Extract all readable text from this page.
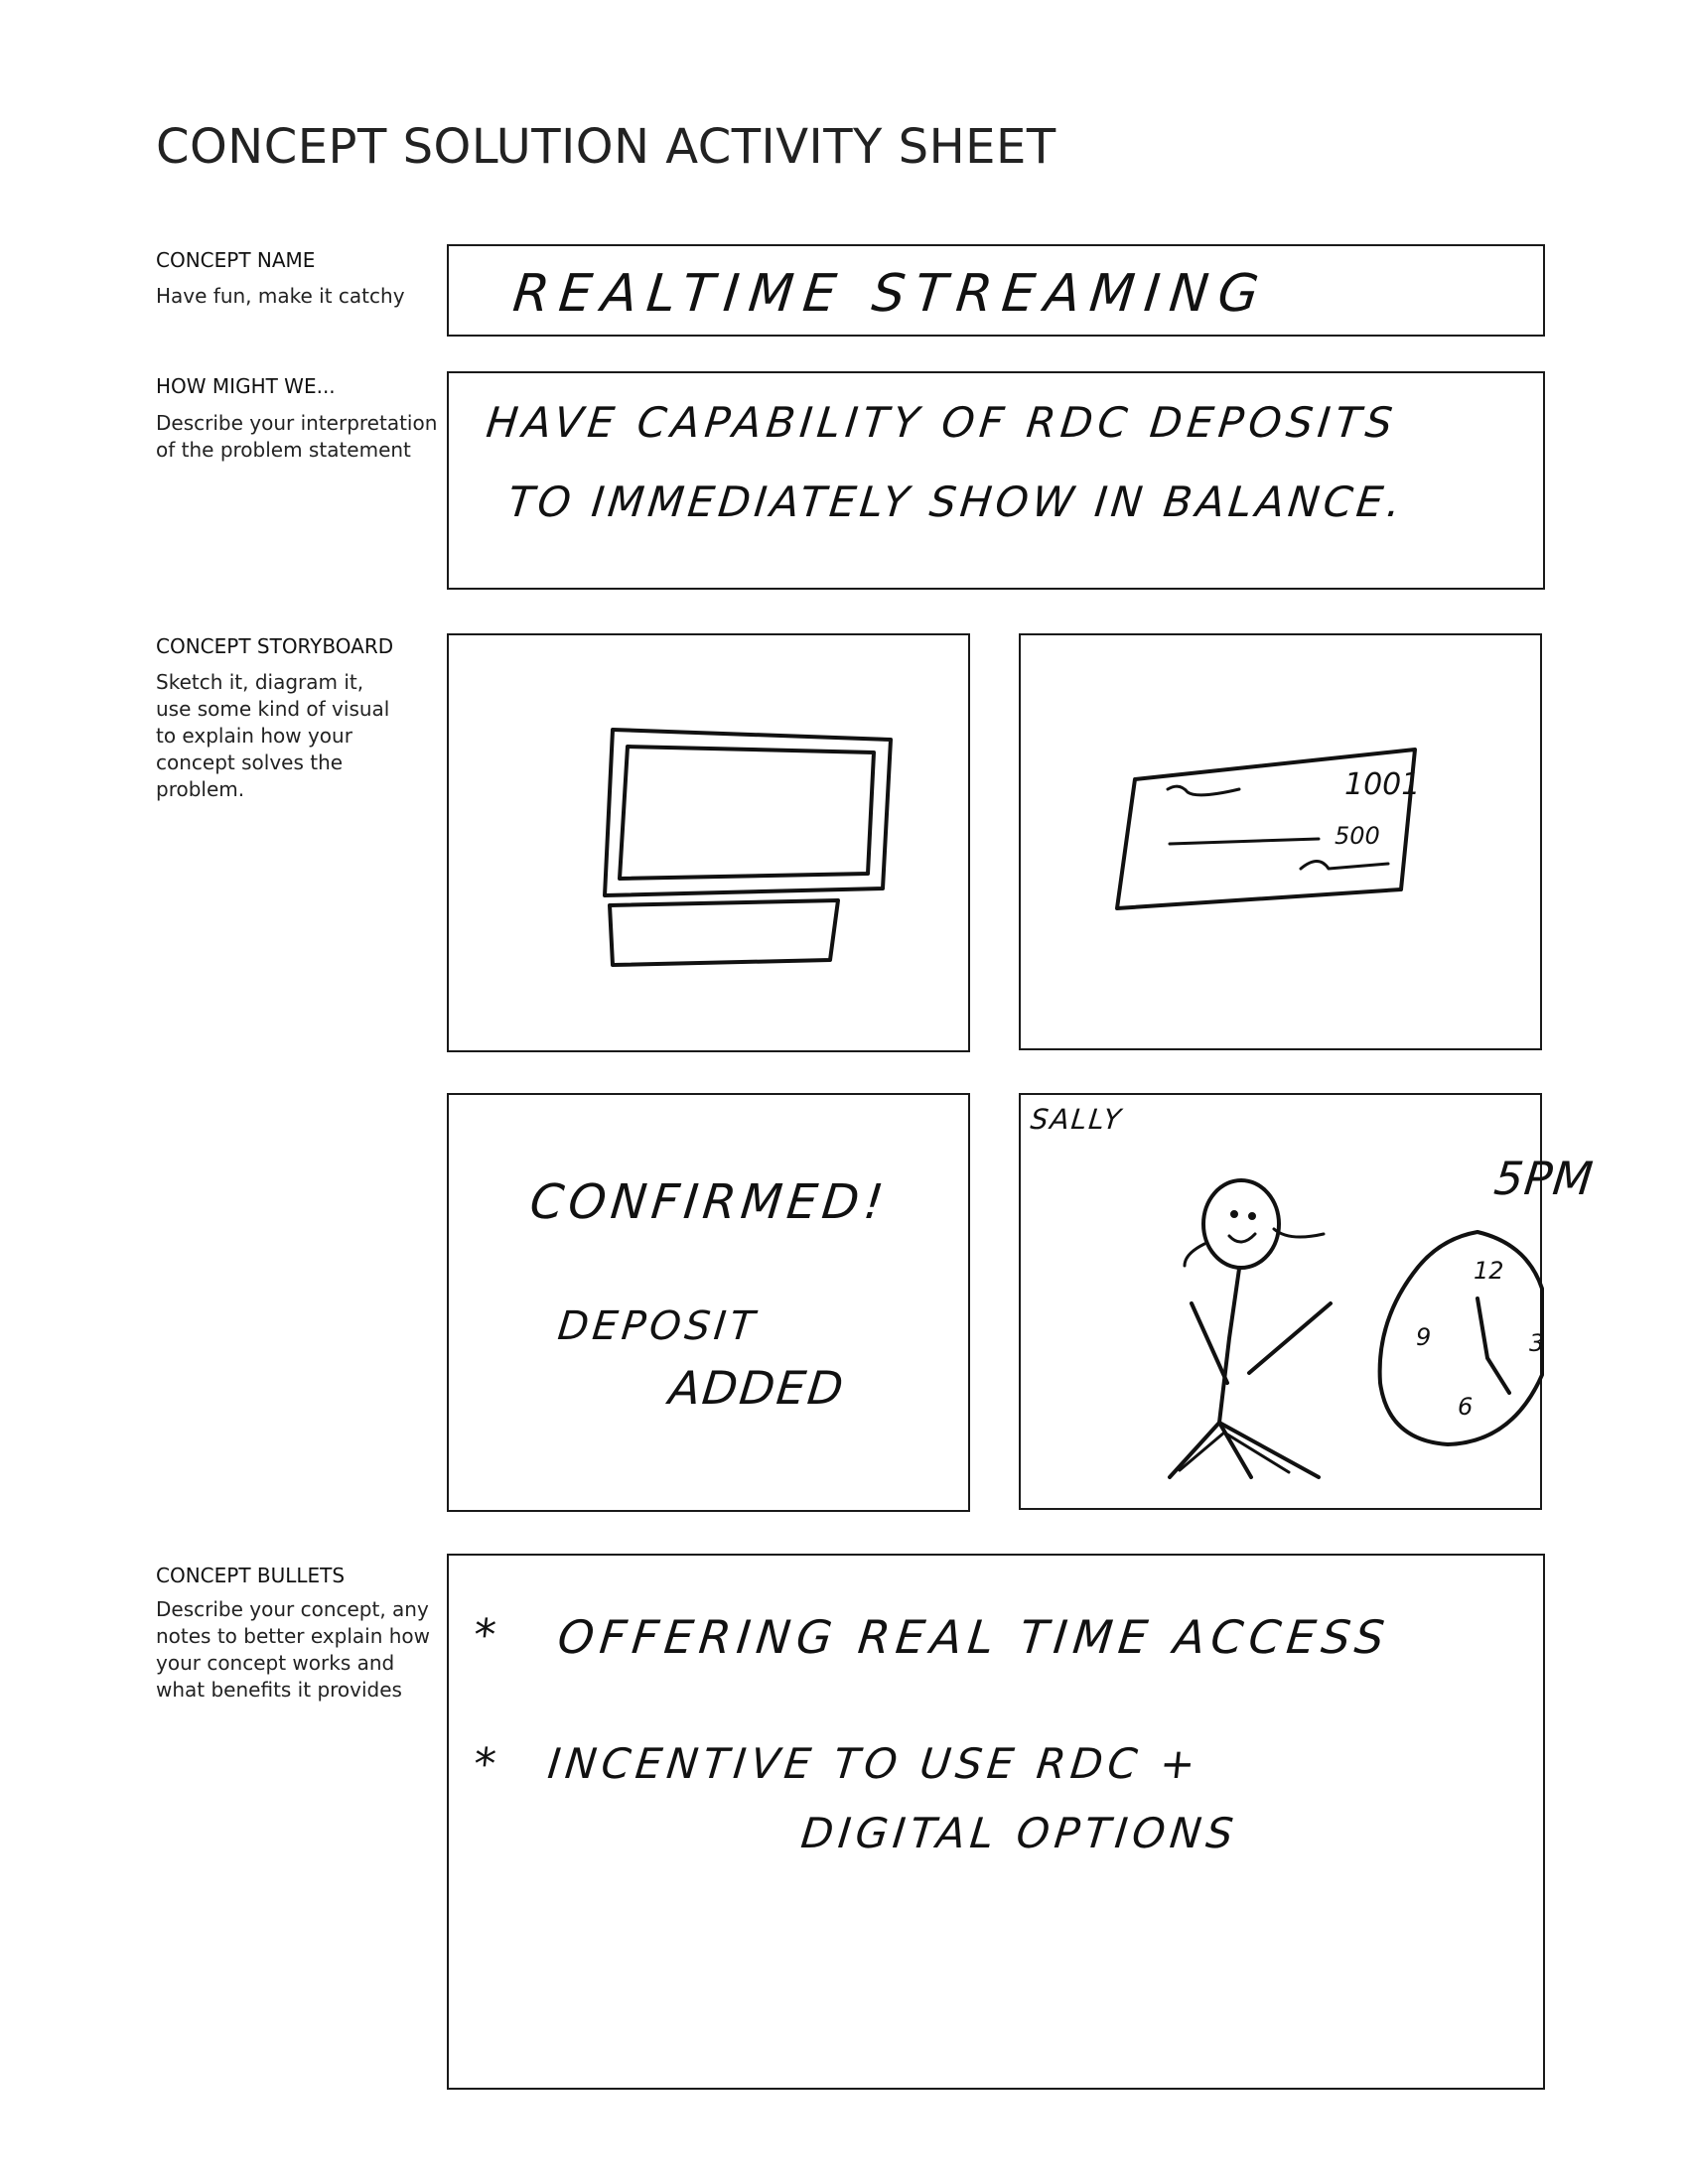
CONCEPT SOLUTION ACTIVITY SHEET
CONCEPT NAME
Have fun, make it catchy	REALTIME STREAMING
HOW MIGHT WE...
Describe your interpretation of the problem statement
HAVE CAPABILITY OF RDC DEPOSITS
TO IMMEDIATELY SHOW IN BALANCE.
CONCEPT STORYBOARD
Sketch it, diagram it, use some kind of visual to explain how your concept solves the problem.	1001
500
CONFIRMED!
DEPOSIT
ADDED
SALLY
12
3
6
9
5PM
CONCEPT BULLETS
Describe your concept, any notes to better explain how your concept works and what benefits it provides
* OFFERING REAL TIME ACCESS
* INCENTIVE TO USE RDC +
DIGITAL OPTIONS
